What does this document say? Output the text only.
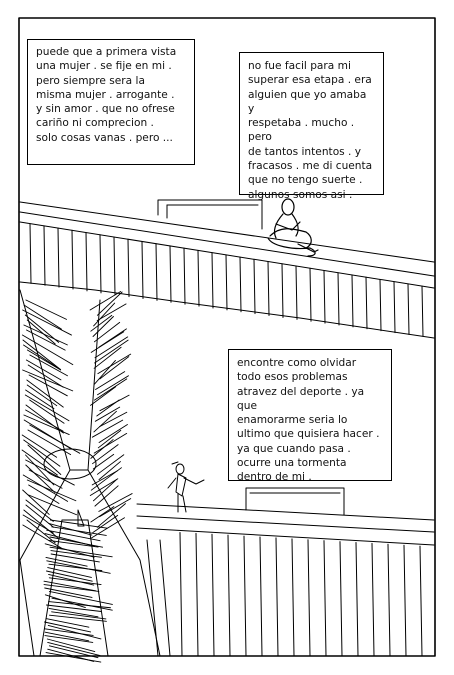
puede que a primera vista
una mujer . se fije en mi .
pero siempre sera la
misma mujer . arrogante .
y sin amor . que no ofrese
cariño ni comprecion .
solo cosas vanas . pero ...
no fue facil para mi
superar esa etapa . era
alguien que yo amaba y
respetaba . mucho . pero
de tantos intentos . y
fracasos . me di cuenta
que no tengo suerte .
algunos somos asi .
encontre como olvidar
todo esos problemas
atravez del deporte . ya que
enamorarme seria lo
ultimo que quisiera hacer .
ya que cuando pasa .
ocurre una tormenta
dentro de mi .
